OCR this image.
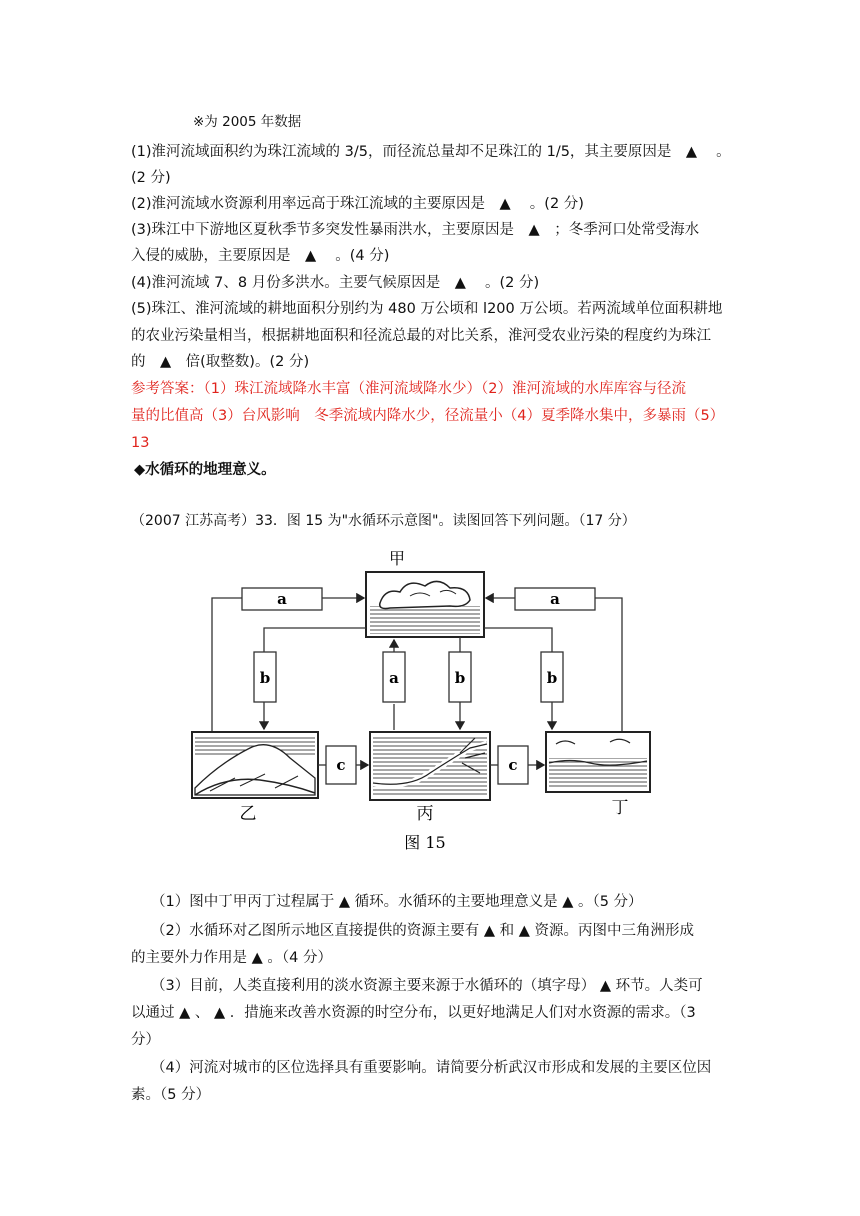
※为 2005 年数据
(1)淮河流域面积约为珠江流域的 3/5，而径流总量却不足珠江的 1/5，其主要原因是　▲　 。
(2 分)
(2)淮河流域水资源利用率远高于珠江流域的主要原因是　▲　 。(2 分)
(3)珠江中下游地区夏秋季节多突发性暴雨洪水，主要原因是　▲　；冬季河口处常受海水
入侵的威胁，主要原因是　▲　 。(4 分)
(4)淮河流域 7、8 月份多洪水。主要气候原因是　▲　 。(2 分)
(5)珠江、淮河流域的耕地面积分别约为 480 万公顷和 l200 万公顷。若两流域单位面积耕地
的农业污染量相当，根据耕地面积和径流总最的对比关系，淮河受农业污染的程度约为珠江
的　▲　倍(取整数)。(2 分)
参考答案：（1）珠江流域降水丰富（淮河流域降水少）（2）淮河流域的水库库容与径流
量的比值高（3）台风影响　冬季流域内降水少，径流量小（4）夏季降水集中，多暴雨（5）
13
◆水循环的地理意义。
（2007 江苏高考）33．图 15 为"水循环示意图"。读图回答下列问题。（17 分）
甲
a	a
b	a	b	b
c	c
乙	丙	丁
图 15
（1）图中丁甲丙丁过程属于 ▲ 循环。水循环的主要地理意义是 ▲ 。（5 分）
（2）水循环对乙图所示地区直接提供的资源主要有 ▲ 和 ▲ 资源。丙图中三角洲形成
的主要外力作用是 ▲ 。（4 分）
（3）目前，人类直接利用的淡水资源主要来源于水循环的（填字母） ▲ 环节。人类可
以通过 ▲ 、 ▲ ．措施来改善水资源的时空分布，以更好地满足人们对水资源的需求。（3
分）
（4）河流对城市的区位选择具有重要影响。请简要分析武汉市形成和发展的主要区位因
素。（5 分）
